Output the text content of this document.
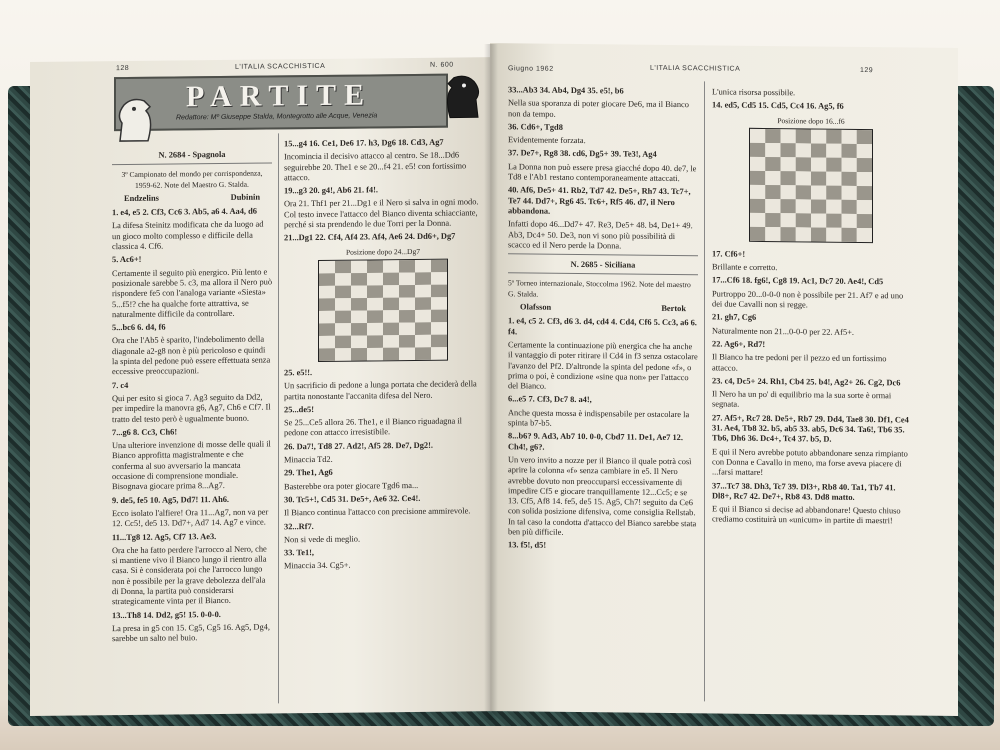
128	L'ITALIA SCACCHISTICA	N. 600
PARTITE
Redattore: Mº Giuseppe Stalda, Montegrotto alle Acque, Venezia

N. 2684 - Spagnola

3º Campionato del mondo per corrispondenza, 1959-62. Note del Maestro G. Stalda.

Endzelins	Dubinin

1. e4, e5 2. Cf3, Cc6 3. Ab5, a6 4. Aa4, d6

La difesa Steinitz modificata che da luogo ad un gioco molto complesso e difficile della classica 4. Cf6.

5. Ac6+!

Certamente il seguito più energico. Più lento e posizionale sarebbe 5. c3, ma allora il Nero può rispondere fe5 con l'analoga variante «Siesta» 5...f5!? che ha qualche forte attrattiva, se naturalmente difficile da controllare.

5...bc6 6. d4, f6

Ora che l'Ab5 è sparito, l'indebolimento della diagonale a2-g8 non è più pericoloso e quindi la spinta del pedone può essere effettuata senza eccessive preoccupazioni.

7. c4

Qui per esito si gioca 7. Ag3 seguito da Dd2, per impedire la manovra g6, Ag7, Ch6 e Cf7. Il tratto del testo però è ugualmente buono.

7...g6 8. Cc3, Ch6!

Una ulteriore invenzione di mosse delle quali il Bianco approfitta magistralmente e che conferma al suo avversario la mancata occasione di comprensione mondiale. Bisognava giocare prima 8...Ag7.

9. de5, fe5 10. Ag5, Dd7! 11. Ah6.

Ecco isolato l'alfiere! Ora 11...Ag7, non va per 12. Cc5!, de5 13. Dd7+, Ad7 14. Ag7 e vince.

11...Tg8 12. Ag5, Cf7 13. Ae3.

Ora che ha fatto perdere l'arrocco al Nero, che si mantiene vivo il Bianco lungo il rientro alla casa. Si è considerata poi che l'arrocco lungo non è possibile per la grave debolezza dell'ala di Donna, la partita può considerarsi strategicamente vinta per il Bianco.

13...Th8 14. Dd2, g5! 15. 0-0-0.

La presa in g5 con 15. Cg5, Cg5 16. Ag5, Dg4, sarebbe un salto nel buio.

15...g4 16. Ce1, De6 17. h3, Dg6 18. Cd3, Ag7

Incomincia il decisivo attacco al centro. Se 18...Dd6 seguirebbe 20. The1 e se 20...f4 21. e5! con fortissimo attacco.

19...g3 20. g4!, Ab6 21. f4!.

Ora 21. Thf1 per 21...Dg1 e il Nero si salva in ogni modo. Col testo invece l'attacco del Bianco diventa schiacciante, perché si sta prendendo le due Torri per la Donna.

21...Dg1 22. Cf4, Af4 23. Af4, Ae6 24. Dd6+, Dg7

Posizione dopo 24...Dg7

25. e5!!.

Un sacrificio di pedone a lunga portata che deciderà della partita nonostante l'accanita difesa del Nero.

25...de5!

Se 25...Ce5 allora 26. The1, e il Bianco riguadagna il pedone con attacco irresistibile.

26. Da7!, Td8 27. Ad2!, Af5 28. De7, Dg2!.

Minaccia Td2.

29. The1, Ag6

Basterebbe ora poter giocare Tgd6 ma...

30. Tc5+!, Cd5 31. De5+, Ae6 32. Ce4!.

Il Bianco continua l'attacco con precisione ammirevole.

32...Rf7.

Non si vede di meglio.

33. Te1!,

Minaccia 34. Cg5+.

Giugno 1962	L'ITALIA SCACCHISTICA	129

33...Ab3 34. Ab4, Dg4 35. e5!, b6

Nella sua sporanza di poter giocare De6, ma il Bianco non da tempo.

36. Cd6+, Tgd8

Evidentemente forzata.

37. De7+, Rg8 38. cd6, Dg5+ 39. Te3!, Ag4

La Donna non può essere presa giacché dopo 40. de7, le Td8 e l'Ab1 restano contemporaneamente attaccati.

40. Af6, De5+ 41. Rb2, Td7 42. De5+, Rh7 43. Tc7+, Te7 44. Dd7+, Rg6 45. Tc6+, Rf5 46. d7, il Nero abbandona.

Infatti dopo 46...Dd7+ 47. Re3, De5+ 48. b4, De1+ 49. Ab3, Dc4+ 50. De3, non vi sono più possibilità di scacco ed il Nero perde la Donna.

N. 2685 - Siciliana

5º Torneo internazionale, Stoccolma 1962. Note del maestro G. Stalda.

Olafsson	Bertok

1. e4, c5 2. Cf3, d6 3. d4, cd4 4. Cd4, Cf6 5. Cc3, a6 6. f4.

Certamente la continuazione più energica che ha anche il vantaggio di poter ritirare il Cd4 in f3 senza ostacolare l'avanzo del Pf2. D'altronde la spinta del pedone «f», o prima o poi, è condizione «sine qua non» per l'attacco del Bianco.

6...e5 7. Cf3, Dc7 8. a4!,

Anche questa mossa è indispensabile per ostacolare la spinta b7-b5.

8...b6? 9. Ad3, Ab7 10. 0-0, Cbd7 11. De1, Ae7 12. Ch4!, g6?.

Un vero invito a nozze per il Bianco il quale potrà così aprire la colonna «f» senza cambiare in e5. Il Nero avrebbe dovuto non preoccuparsi eccessivamente di impedire Cf5 e giocare tranquillamente 12...Cc5; e se 13. Cf5, Af8 14. fe5, de5 15. Ag5, Ch7! seguito da Ce6 con solida posizione difensiva, come consiglia Rellstab. In tal caso la condotta d'attacco del Bianco sarebbe stata ben più difficile.

13. f5!, d5!

L'unica risorsa possibile.

14. ed5, Cd5 15. Cd5, Cc4 16. Ag5, f6

Posizione dopo 16...f6

17. Cf6+!

Brillante e corretto.

17...Cf6 18. fg6!, Cg8 19. Ac1, Dc7 20. Ae4!, Cd5

Purtroppo 20...0-0-0 non è possibile per 21. Af7 e ad uno dei due Cavalli non si regge.

21. gh7, Cg6

Naturalmente non 21...0-0-0 per 22. Af5+.

22. Ag6+, Rd7!

Il Bianco ha tre pedoni per il pezzo ed un fortissimo attacco.

23. c4, Dc5+ 24. Rh1, Cb4 25. b4!, Ag2+ 26. Cg2, Dc6

Il Nero ha un po' di equilibrio ma la sua sorte è ormai segnata.

27. Af5+, Rc7 28. De5+, Rb7 29. Dd4, Tae8 30. Df1, Ce4 31. Ae4, Tb8 32. b5, ab5 33. ab5, Dc6 34. Ta6!, Tb6 35. Tb6, Dh6 36. Dc4+, Tc4 37. b5, D.

E qui il Nero avrebbe potuto abbandonare senza rimpianto con Donna e Cavallo in meno, ma forse aveva piacere di ...farsi mattare!

37...Tc7 38. Dh3, Tc7 39. Dl3+, Rb8 40. Ta1, Tb7 41. Dl8+, Rc7 42. De7+, Rb8 43. Dd8 matto.

E qui il Bianco si decise ad abbandonare! Questo chiuso crediamo costituirà un «unicum» in partite di maestri!
